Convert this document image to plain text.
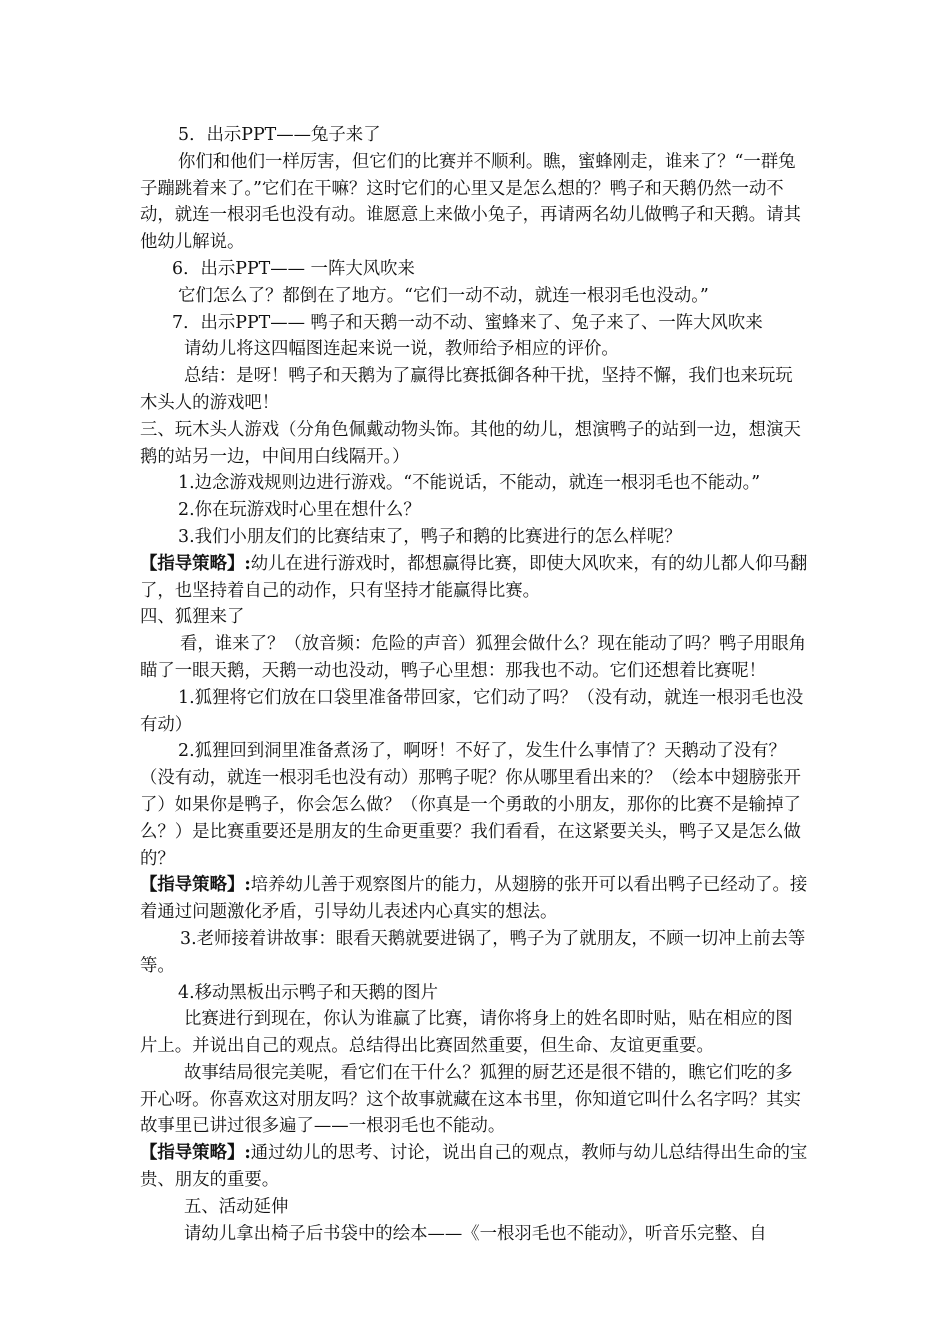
5．出示PPT——兔子来了

你们和他们一样厉害，但它们的比赛并不顺利。瞧，蜜蜂刚走，谁来了？“一群兔子蹦跳着来了。”它们在干嘛？这时它们的心里又是怎么想的？鸭子和天鹅仍然一动不动，就连一根羽毛也没有动。谁愿意上来做小兔子，再请两名幼儿做鸭子和天鹅。请其他幼儿解说。

6．出示PPT—— 一阵大风吹来

它们怎么了？都倒在了地方。“它们一动不动，就连一根羽毛也没动。”

7．出示PPT—— 鸭子和天鹅一动不动、蜜蜂来了、兔子来了、一阵大风吹来

请幼儿将这四幅图连起来说一说，教师给予相应的评价。

总结：是呀！鸭子和天鹅为了赢得比赛抵御各种干扰，坚持不懈，我们也来玩玩木头人的游戏吧！

三、玩木头人游戏（分角色佩戴动物头饰。其他的幼儿，想演鸭子的站到一边，想演天鹅的站另一边，中间用白线隔开。）

1.边念游戏规则边进行游戏。“不能说话，不能动，就连一根羽毛也不能动。”

2.你在玩游戏时心里在想什么？

3.我们小朋友们的比赛结束了，鸭子和鹅的比赛进行的怎么样呢？

【指导策略】:幼儿在进行游戏时，都想赢得比赛，即使大风吹来，有的幼儿都人仰马翻了，也坚持着自己的动作，只有坚持才能赢得比赛。

四、狐狸来了

看，谁来了？（放音频：危险的声音）狐狸会做什么？现在能动了吗？鸭子用眼角瞄了一眼天鹅，天鹅一动也没动，鸭子心里想：那我也不动。它们还想着比赛呢！

1.狐狸将它们放在口袋里准备带回家，它们动了吗？（没有动，就连一根羽毛也没有动）

2.狐狸回到洞里准备煮汤了，啊呀！不好了，发生什么事情了？天鹅动了没有？（没有动，就连一根羽毛也没有动）那鸭子呢？你从哪里看出来的？（绘本中翅膀张开了）如果你是鸭子，你会怎么做？（你真是一个勇敢的小朋友，那你的比赛不是输掉了么？）是比赛重要还是朋友的生命更重要？我们看看，在这紧要关头，鸭子又是怎么做的？

【指导策略】:培养幼儿善于观察图片的能力，从翅膀的张开可以看出鸭子已经动了。接着通过问题激化矛盾，引导幼儿表述内心真实的想法。

3.老师接着讲故事：眼看天鹅就要进锅了，鸭子为了就朋友，不顾一切冲上前去等等。

4.移动黑板出示鸭子和天鹅的图片

比赛进行到现在，你认为谁赢了比赛，请你将身上的姓名即时贴，贴在相应的图片上。并说出自己的观点。总结得出比赛固然重要，但生命、友谊更重要。

故事结局很完美呢，看它们在干什么？狐狸的厨艺还是很不错的，瞧它们吃的多开心呀。你喜欢这对朋友吗？这个故事就藏在这本书里，你知道它叫什么名字吗？其实故事里已讲过很多遍了——一根羽毛也不能动。

【指导策略】:通过幼儿的思考、讨论，说出自己的观点，教师与幼儿总结得出生命的宝贵、朋友的重要。

五、活动延伸

请幼儿拿出椅子后书袋中的绘本——《一根羽毛也不能动》，听音乐完整、自
